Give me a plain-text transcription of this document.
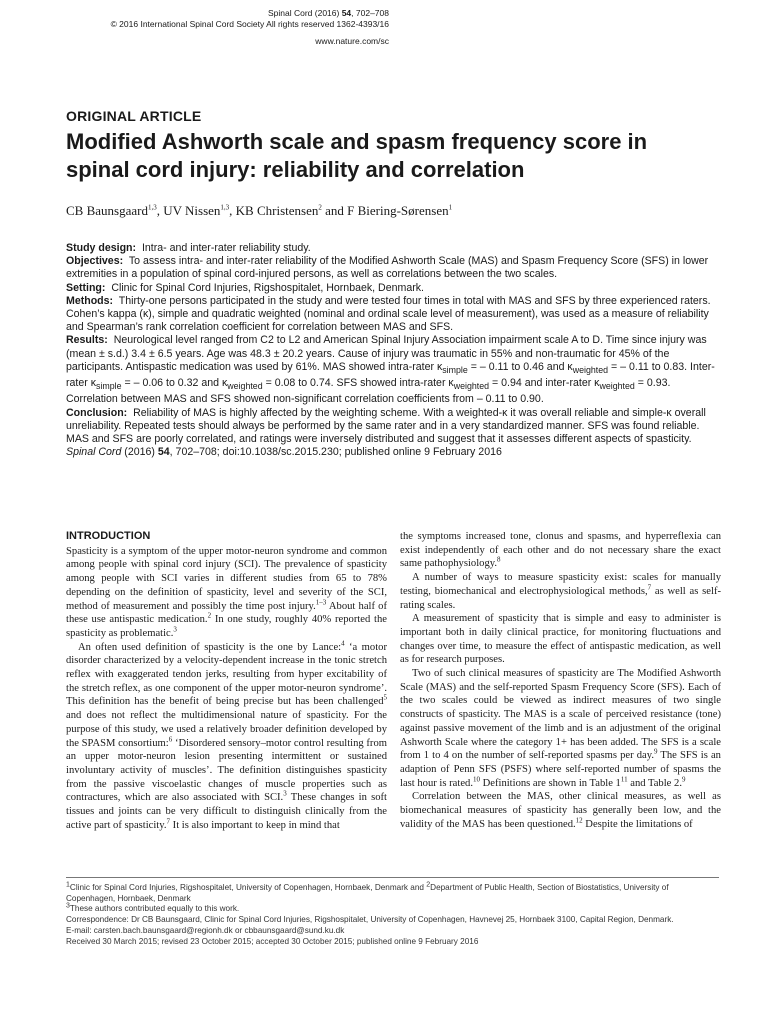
Spinal Cord (2016) 54, 702–708
© 2016 International Spinal Cord Society All rights reserved 1362-4393/16
www.nature.com/sc
ORIGINAL ARTICLE
Modified Ashworth scale and spasm frequency score in spinal cord injury: reliability and correlation
CB Baunsgaard$^{1,3}$, UV Nissen$^{1,3}$, KB Christensen$^2$ and F Biering-Sørensen$^1$

Study design: Intra- and inter-rater reliability study.

Objectives: To assess intra- and inter-rater reliability of the Modified Ashworth Scale (MAS) and Spasm Frequency Score (SFS) in lower extremities in a population of spinal cord-injured persons, as well as correlations between the two scales.

Setting: Clinic for Spinal Cord Injuries, Rigshospitalet, Hornbaek, Denmark.

Methods: Thirty-one persons participated in the study and were tested four times in total with MAS and SFS by three experienced raters. Cohen’s kappa (κ), simple and quadratic weighted (nominal and ordinal scale level of measurement), was used as a measure of reliability and Spearman’s rank correlation coefficient for correlation between MAS and SFS.

Results: Neurological level ranged from C2 to L2 and American Spinal Injury Association impairment scale A to D. Time since injury was (mean ± s.d.) 3.4 ± 6.5 years. Age was 48.3 ± 20.2 years. Cause of injury was traumatic in 55% and non-traumatic for 45% of the participants. Antispastic medication was used by 61%. MAS showed intra-rater $\kappa_{simple}$ = – 0.11 to 0.46 and $\kappa_{weighted}$ = – 0.11 to 0.83. Inter-rater $\kappa_{simple}$ = – 0.06 to 0.32 and $\kappa_{weighted} = 0.08$ to 0.74. SFS showed intra-rater $\kappa_{weighted} = 0.94$ and inter-rater $\kappa_{weighted} = 0.93$. Correlation between MAS and SFS showed non-significant correlation coefficients from – 0.11 to 0.90.

Conclusion: Reliability of MAS is highly affected by the weighting scheme. With a weighted-κ it was overall reliable and simple-κ overall unreliability. Repeated tests should always be performed by the same rater and in a very standardized manner. SFS was found reliable. MAS and SFS are poorly correlated, and ratings were inversely distributed and suggest that it assesses different aspects of spasticity.

Spinal Cord (2016) 54, 702–708; doi:10.1038/sc.2015.230; published online 9 February 2016

INTRODUCTION

Spasticity is a symptom of the upper motor-neuron syndrome and common among people with spinal cord injury (SCI). The prevalence of spasticity among people with SCI varies in different studies from 65 to 78% depending on the definition of spasticity, level and severity of the SCI, method of measurement and possibly the time post injury.$^{1-3}$ About half of these use antispastic medication.$^2$ In one study, roughly 40% reported the spasticity as problematic.$^3$

An often used definition of spasticity is the one by Lance:$^4$ ‘a motor disorder characterized by a velocity-dependent increase in the tonic stretch reflex with exaggerated tendon jerks, resulting from hyper excitability of the stretch reflex, as one component of the upper motor-neuron syndrome’. This definition has the benefit of being precise but has been challenged$^5$ and does not reflect the multidimensional nature of spasticity. For the purpose of this study, we used a relatively broader definition developed by the SPASM consortium:$^6$ ‘Disordered sensory–motor control resulting from an upper motor-neuron lesion presenting intermittent or sustained involuntary activity of muscles’. The definition distinguishes spasticity from the passive viscoelastic changes of muscle properties such as contractures, which are also associated with SCI.$^3$ These changes in soft tissues and joints can be very difficult to distinguish clinically from the active part of spasticity.$^7$ It is also important to keep in mind that

the symptoms increased tone, clonus and spasms, and hyperreflexia can exist independently of each other and do not necessary share the exact same pathophysiology.$^8$

A number of ways to measure spasticity exist: scales for manually testing, biomechanical and electrophysiological methods,$^7$ as well as self-rating scales.

A measurement of spasticity that is simple and easy to administer is important both in daily clinical practice, for monitoring fluctuations and changes over time, to measure the effect of antispastic medication, as well as for research purposes.

Two of such clinical measures of spasticity are The Modified Ashworth Scale (MAS) and the self-reported Spasm Frequency Score (SFS). Each of the two scales could be viewed as indirect measures of two single constructs of spasticity. The MAS is a scale of perceived resistance (tone) against passive movement of the limb and is an adjustment of the original Ashworth Scale where the category 1+ has been added. The SFS is a scale from 1 to 4 on the number of self-reported spasms per day.$^9$ The SFS is an adaption of Penn SFS (PSFS) where self-reported number of spasms the last hour is rated.$^{10}$ Definitions are shown in Table $1^{11}$ and Table 2.$^9$

Correlation between the MAS, other clinical measures, as well as biomechanical measures of spasticity has generally been low, and the validity of the MAS has been questioned.$^{12}$ Despite the limitations of

$^1$Clinic for Spinal Cord Injuries, Rigshospitalet, University of Copenhagen, Hornbaek, Denmark and $^2$Department of Public Health, Section of Biostatistics, University of Copenhagen, Hornbaek, Denmark
$^3$These authors contributed equally to this work.
Correspondence: Dr CB Baunsgaard, Clinic for Spinal Cord Injuries, Rigshospitalet, University of Copenhagen, Havnevej 25, Hornbaek 3100, Capital Region, Denmark.
E-mail: carsten.bach.baunsgaard@regionh.dk or cbbaunsgaard@sund.ku.dk
Received 30 March 2015; revised 23 October 2015; accepted 30 October 2015; published online 9 February 2016
